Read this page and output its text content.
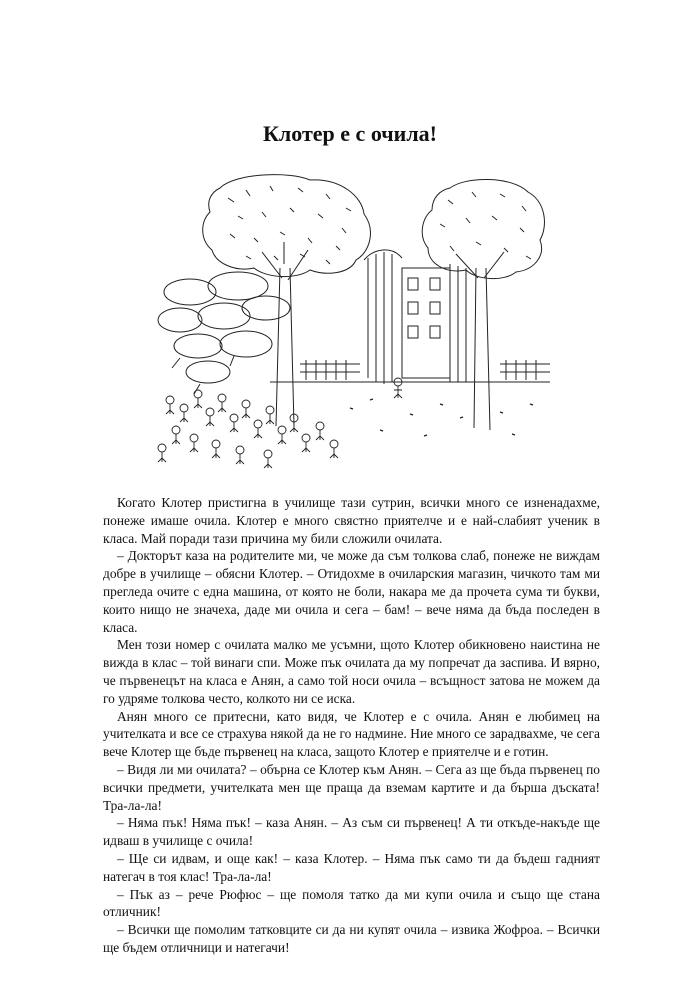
Клотер е с очила!

Когато Клотер пристигна в училище тази сутрин, всички много се изненадахме, понеже имаше очила. Клотер е много свястно приятелче и е най-слабият ученик в класа. Май поради тази причина му били сложили очилата.

– Докторът каза на родителите ми, че може да съм толкова слаб, понеже не виждам добре в училище – обясни Клотер. – Отидохме в очиларския магазин, чичкото там ми прегледа очите с една машина, от която не боли, накара ме да прочета сума ти букви, които нищо не значеха, даде ми очила и сега – бам! – вече няма да бъда последен в класа.

Мен този номер с очилата малко ме усъмни, щото Клотер обикновено наистина не вижда в клас – той винаги спи. Може пък очилата да му попречат да заспива. И вярно, че първенецът на класа е Анян, а само той носи очила – всъщност затова не можем да го удряме толкова често, колкото ни се иска.

Анян много се притесни, като видя, че Клотер е с очила. Анян е любимец на учителката и все се страхува някой да не го надмине. Ние много се зарадвахме, че сега вече Клотер ще бъде първенец на класа, защото Клотер е приятелче и е готин.

– Видя ли ми очилата? – обърна се Клотер към Анян. – Сега аз ще бъда първенец по всички предмети, учителката мен ще праща да вземам картите и да бърша дъската! Тра-ла-ла!

– Няма пък! Няма пък! – каза Анян. – Аз съм си първенец! А ти откъде-накъде ще идваш в училище с очила!

– Ще си идвам, и още как! – каза Клотер. – Няма пък само ти да бъдеш гадният натегач в тоя клас! Тра-ла-ла!

– Пък аз – рече Рюфюс – ще помоля татко да ми купи очила и също ще стана отличник!

– Всички ще помолим татковците си да ни купят очила – извика Жофроа. – Всички ще бъдем отличници и натегачи!
